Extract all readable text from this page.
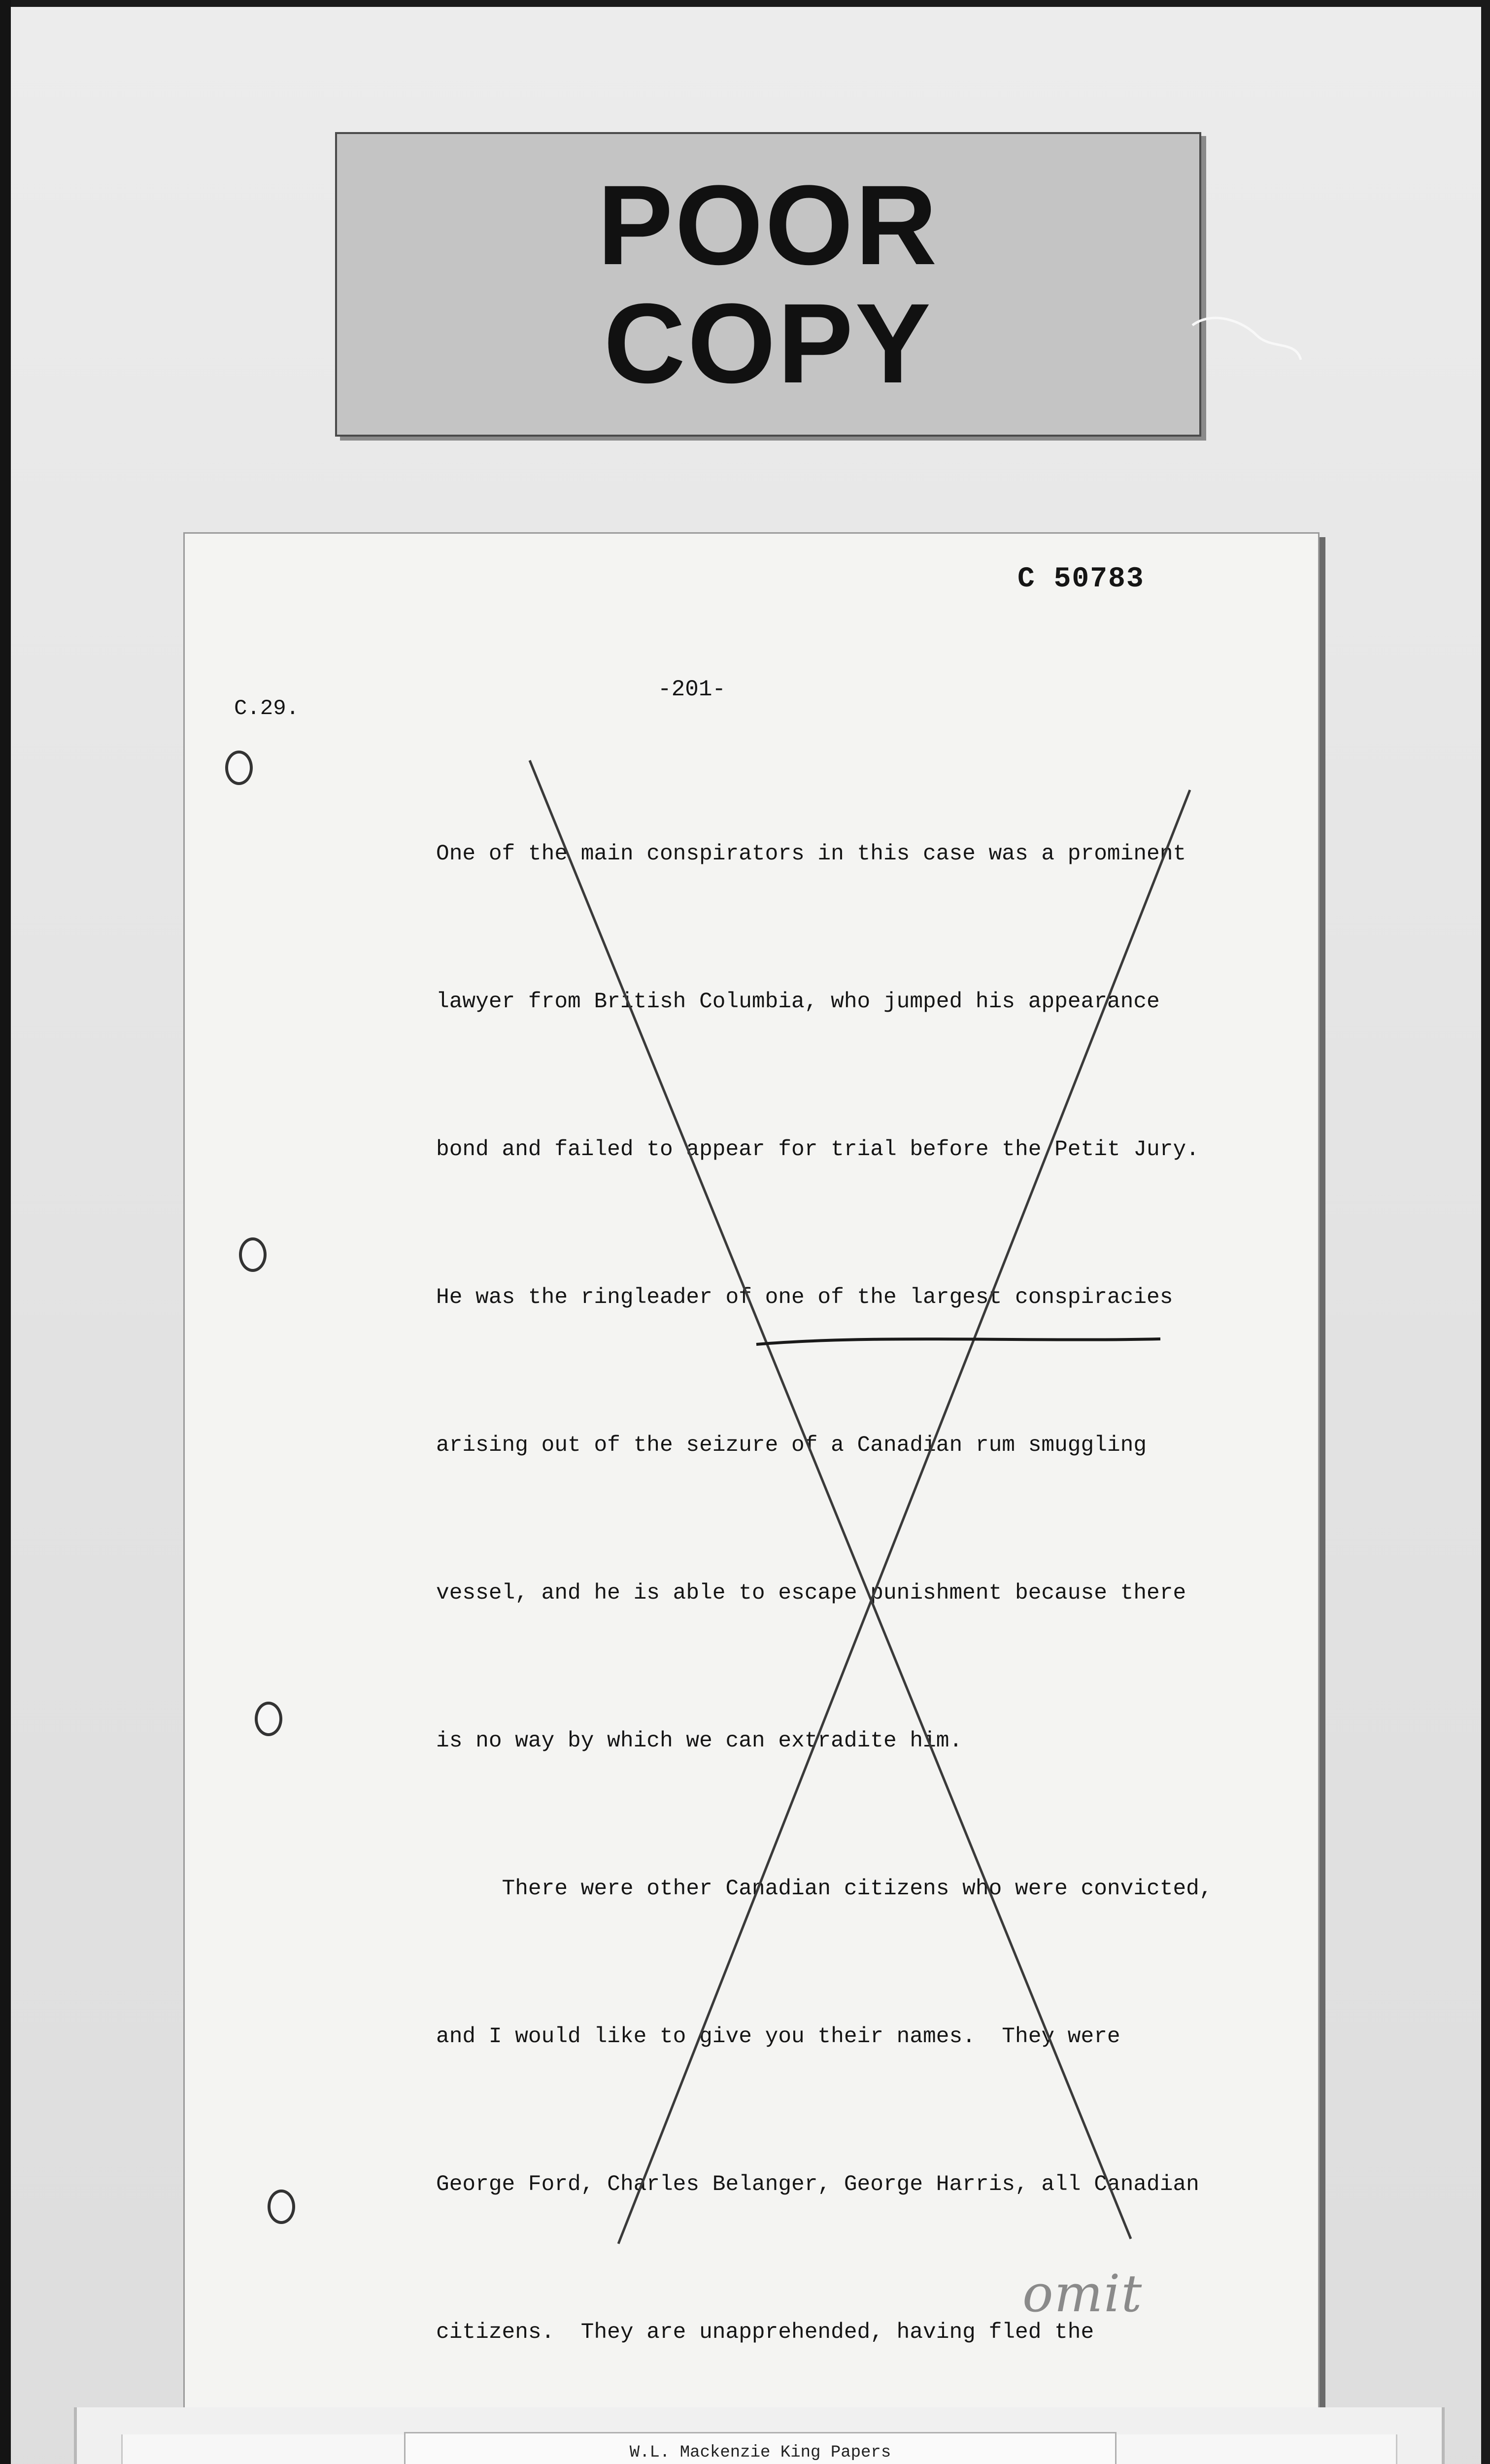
POOR
COPY
C 50783
C.29.
-201-

One of the main conspirators in this case was a prominent

lawyer from British Columbia, who jumped his appearance

bond and failed to appear for trial before the Petit Jury.

He was the ringleader of one of the largest conspiracies

arising out of the seizure of a Canadian rum smuggling

vessel, and he is able to escape punishment because there

is no way by which we can extradite him.

There were other Canadian citizens who were convicted,

and I would like to give you their names.  They were

George Ford, Charles Belanger, George Harris, all Canadian

citizens.  They are unapprehended, having fled the

omit
W.L. Mackenzie King Papers
